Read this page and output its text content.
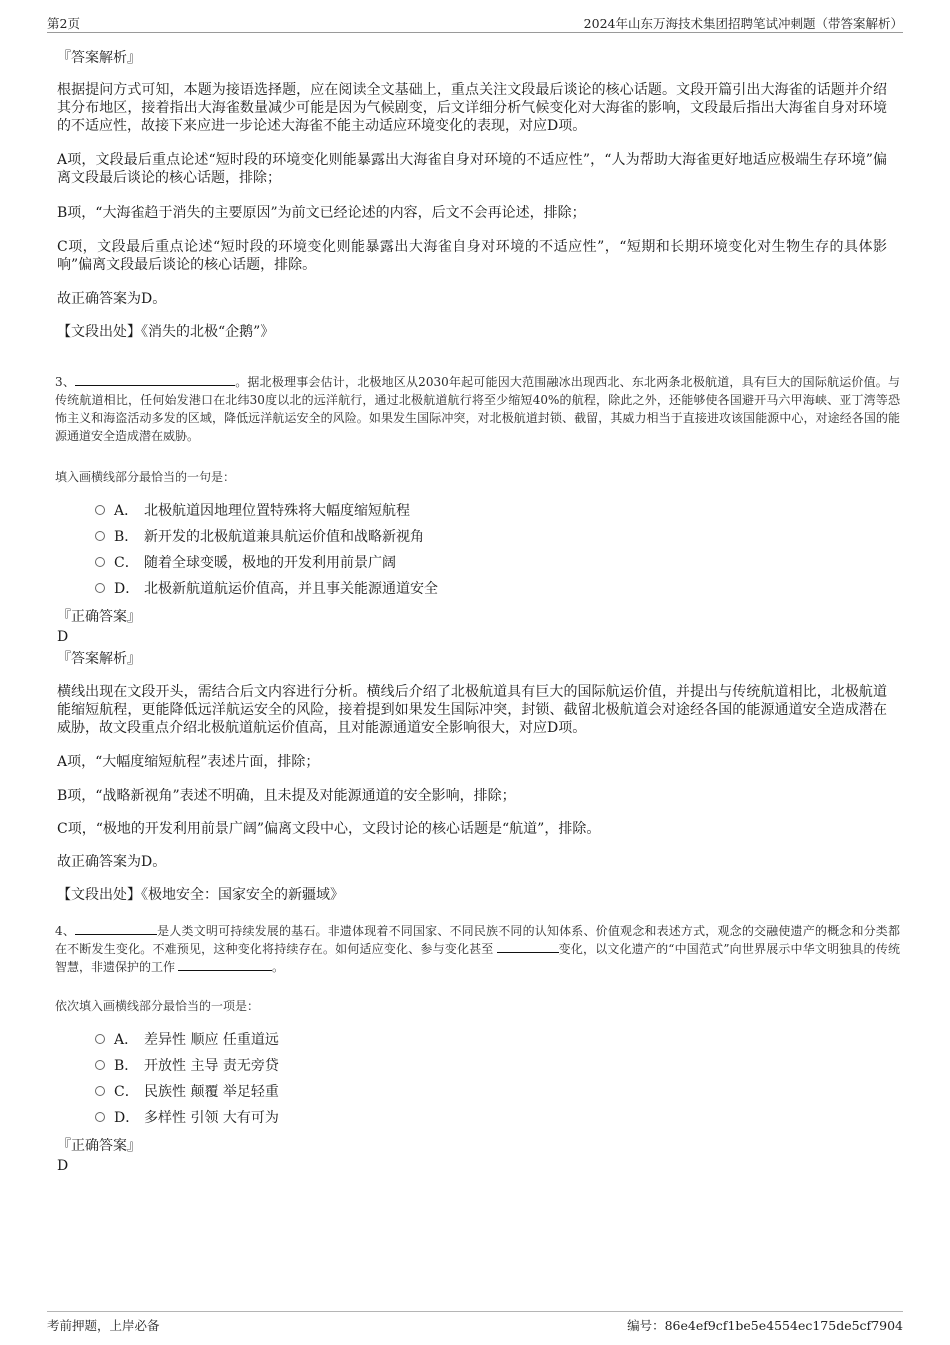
第2页	2024年山东万海技术集团招聘笔试冲刺题（带答案解析）
『答案解析』
根据提问方式可知，本题为接语选择题，应在阅读全文基础上，重点关注文段最后谈论的核心话题。文段开篇引出大海雀的话题并介绍其分布地区，接着指出大海雀数量减少可能是因为气候剧变，后文详细分析气候变化对大海雀的影响，文段最后指出大海雀自身对环境的不适应性，故接下来应进一步论述大海雀不能主动适应环境变化的表现，对应D项。
A项，文段最后重点论述“短时段的环境变化则能暴露出大海雀自身对环境的不适应性”，“人为帮助大海雀更好地适应极端生存环境”偏离文段最后谈论的核心话题，排除；
B项，“大海雀趋于消失的主要原因”为前文已经论述的内容，后文不会再论述，排除；
C项，文段最后重点论述“短时段的环境变化则能暴露出大海雀自身对环境的不适应性”，“短期和长期环境变化对生物生存的具体影响”偏离文段最后谈论的核心话题，排除。
故正确答案为D。
【文段出处】《消失的北极“企鹅”》
3、	。据北极理事会估计，北极地区从2030年起可能因大范围融冰出现西北、东北两条北极航道，具有巨大的国际航运价值。与传统航道相比，任何始发港口在北纬30度以北的远洋航行，通过北极航道航行将至少缩短40%的航程，除此之外，还能够使各国避开马六甲海峡、亚丁湾等恐怖主义和海盗活动多发的区域，降低远洋航运安全的风险。如果发生国际冲突，对北极航道封锁、截留，其威力相当于直接进攻该国能源中心，对途经各国的能源通道安全造成潜在威胁。
填入画横线部分最恰当的一句是：
A． 北极航道因地理位置特殊将大幅度缩短航程
B． 新开发的北极航道兼具航运价值和战略新视角
C． 随着全球变暖，极地的开发利用前景广阔
D． 北极新航道航运价值高，并且事关能源通道安全
『正确答案』
D
『答案解析』
横线出现在文段开头，需结合后文内容进行分析。横线后介绍了北极航道具有巨大的国际航运价值，并提出与传统航道相比，北极航道能缩短航程，更能降低远洋航运安全的风险，接着提到如果发生国际冲突，封锁、截留北极航道会对途经各国的能源通道安全造成潜在威胁，故文段重点介绍北极航道航运价值高，且对能源通道安全影响很大，对应D项。
A项，“大幅度缩短航程”表述片面，排除；
B项，“战略新视角”表述不明确，且未提及对能源通道的安全影响，排除；
C项，“极地的开发利用前景广阔”偏离文段中心，文段讨论的核心话题是“航道”，排除。
故正确答案为D。
【文段出处】《极地安全：国家安全的新疆域》
4、	是人类文明可持续发展的基石。非遗体现着不同国家、不同民族不同的认知体系、价值观念和表述方式，观念的交融使遗产的概念和分类都在不断发生变化。不难预见，这种变化将持续存在。如何适应变化、参与变化甚至	变化，以文化遗产的“中国范式”向世界展示中华文明独具的传统智慧，非遗保护的工作	。
依次填入画横线部分最恰当的一项是：
A． 差异性 顺应 任重道远
B． 开放性 主导 责无旁贷
C． 民族性 颠覆 举足轻重
D． 多样性 引领 大有可为
『正确答案』
D
考前押题，上岸必备	编号：86e4ef9cf1be5e4554ec175de5cf7904
